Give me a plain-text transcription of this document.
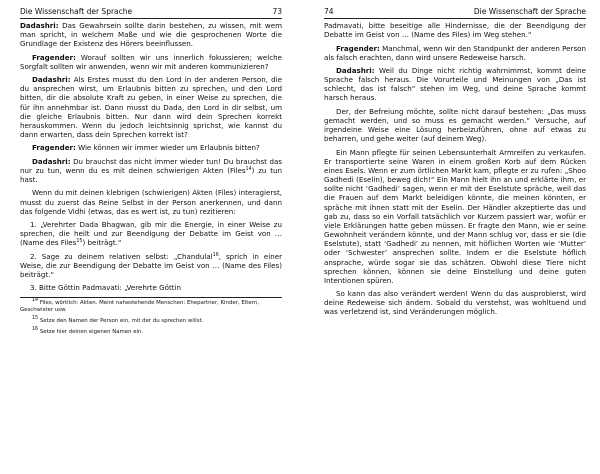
Die Wissenschaft der Sprache	73

Dadashri: Das Gewahrsein sollte darin bestehen, zu wissen, mit wem man spricht, in welchem Maße und wie die gesprochenen Worte die Grundlage der Existenz des Hörers beeinflussen.

Fragender: Worauf sollten wir uns innerlich fokussieren; welche Sorgfalt sollten wir anwenden, wenn wir mit anderen kommunizieren?

Dadashri: Als Erstes musst du den Lord in der anderen Person, die du ansprechen wirst, um Erlaubnis bitten zu sprechen, und den Lord bitten, dir die absolute Kraft zu geben, in einer Weise zu sprechen, die für ihn annehmbar ist. Dann musst du Dada, den Lord in dir selbst, um die gleiche Erlaubnis bitten. Nur dann wird dein Sprechen korrekt herauskommen. Wenn du jedoch leichtsinnig sprichst, wie kannst du dann erwarten, dass dein Sprechen korrekt ist?

Fragender: Wie können wir immer wieder um Erlaubnis bitten?

Dadashri: Du brauchst das nicht immer wieder tun! Du brauchst das nur zu tun, wenn du es mit deinen schwierigen Akten (Files$^{14}$) zu tun hast.

Wenn du mit deinen klebrigen (schwierigen) Akten (Files) interagierst, musst du zuerst das Reine Selbst in der Person anerkennen, und dann das folgende Vidhi (etwas, das es wert ist, zu tun) rezitieren:

1. „Verehrter Dada Bhagwan, gib mir die Energie, in einer Weise zu sprechen, die heilt und zur Beendigung der Debatte im Geist von … (Name des Files$^{15}$) beiträgt.“

2. Sage zu deinem relativen selbst: „Chandulal$^{16}$, sprich in einer Weise, die zur Beendigung der Debatte im Geist von … (Name des Files) beiträgt.“

3. Bitte Göttin Padmavati: „Verehrte Göttin

$^{14}$ Files, wörtlich: Akten. Meint nahestehende Menschen: Ehepartner, Kinder, Eltern, Geschwister usw.

$^{15}$ Setze den Namen der Person ein, mit der du sprechen willst.

$^{16}$ Setze hier deinen eigenen Namen ein.

74	Die Wissenschaft der Sprache

Padmavati, bitte beseitige alle Hindernisse, die der Beendigung der Debatte im Geist von … (Name des Files) im Weg stehen.“

Fragender: Manchmal, wenn wir den Standpunkt der anderen Person als falsch erachten, dann wird unsere Redeweise harsch.

Dadashri: Weil du Dinge nicht richtig wahrnimmst, kommt deine Sprache falsch heraus. Die Vorurteile und Meinungen von „Das ist schlecht, das ist falsch“ stehen im Weg, und deine Sprache kommt harsch heraus.

Der, der Befreiung möchte, sollte nicht darauf bestehen: „Das muss gemacht werden, und so muss es gemacht werden.“ Versuche, auf irgendeine Weise eine Lösung herbeizuführen, ohne auf etwas zu beharren, und gehe weiter (auf deinem Weg).

Ein Mann pflegte für seinen Lebensunterhalt Armreifen zu verkaufen. Er transportierte seine Waren in einem großen Korb auf dem Rücken eines Esels. Wenn er zum örtlichen Markt kam, pflegte er zu rufen: „Shoo Gadhedi (Eselin), beweg dich!“ Ein Mann hielt ihn an und erklärte ihm, er sollte nicht ‘Gadhedi’ sagen, wenn er mit der Eselstute spräche, weil das die Frauen auf dem Markt beleidigen könnte, die meinen könnten, er spräche mit ihnen statt mit der Eselin. Der Händler akzeptierte das und gab zu, dass so ein Vorfall tatsächlich vor Kurzem passiert war, wofür er viele Erklärungen hatte geben müssen. Er fragte den Mann, wie er seine Gewohnheit verändern könnte, und der Mann schlug vor, dass er sie (die Eselstute), statt ‘Gadhedi’ zu nennen, mit höflichen Worten wie ‘Mutter’ oder ‘Schwester’ ansprechen sollte. Indem er die Eselstute höflich ansprache, würde sogar sie das schätzen. Obwohl diese Tiere nicht sprechen können, können sie deine Einstellung und deine guten Intentionen spüren.

So kann das also verändert werden! Wenn du das ausprobierst, wird deine Redeweise sich ändern. Sobald du verstehst, was wohltuend und was verletzend ist, sind Veränderungen möglich.
